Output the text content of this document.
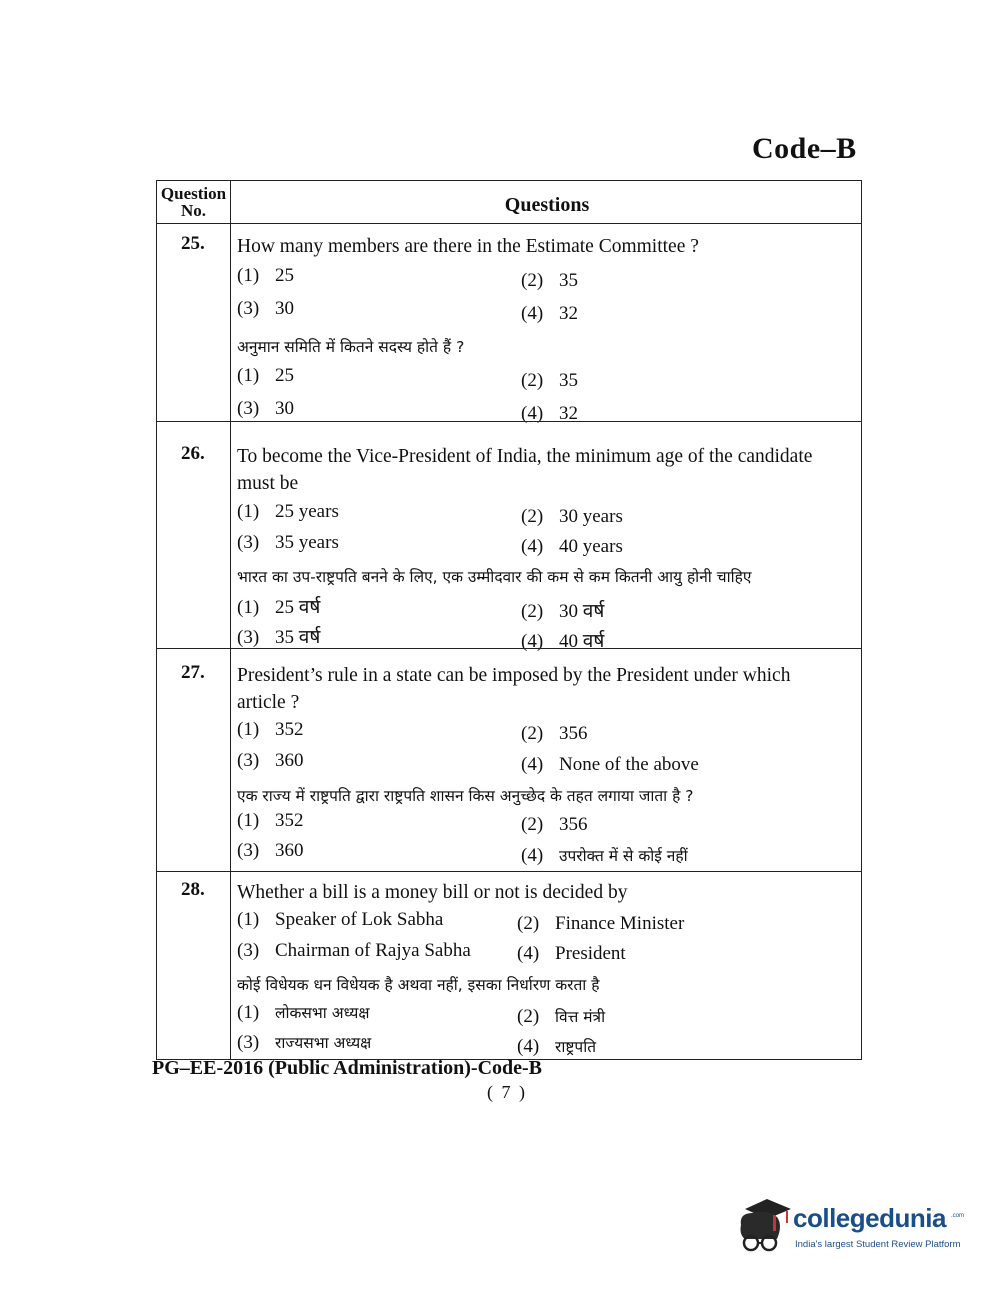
Code–B
Question
No.	Questions
25. How many members are there in the Estimate Committee ?
(1) 25	(2) 35
(3) 30	(4) 32
अनुमान समिति में कितने सदस्य होते हैं ?
(1) 25	(2) 35
(3) 30	(4) 32
26. To become the Vice-President of India, the minimum age of the candidate
must be
(1) 25 years	(2) 30 years
(3) 35 years	(4) 40 years
भारत का उप-राष्ट्रपति बनने के लिए, एक उम्मीदवार की कम से कम कितनी आयु होनी चाहिए
(1) 25 वर्ष	(2) 30 वर्ष
(3) 35 वर्ष	(4) 40 वर्ष
27. President’s rule in a state can be imposed by the President under which
article ?
(1) 352	(2) 356
(3) 360	(4) None of the above
एक राज्य में राष्ट्रपति द्वारा राष्ट्रपति शासन किस अनुच्छेद के तहत लगाया जाता है ?
(1) 352	(2) 356
(3) 360	(4) उपरोक्त में से कोई नहीं
28. Whether a bill is a money bill or not is decided by
(1) Speaker of Lok Sabha	(2) Finance Minister
(3) Chairman of Rajya Sabha (4) President
कोई विधेयक धन विधेयक है अथवा नहीं, इसका निर्धारण करता है
(1) लोकसभा अध्यक्ष	(2) वित्त मंत्री
(3) राज्यसभा अध्यक्ष	(4) राष्ट्रपति
PG–EE-2016 (Public Administration)-Code-B
( 7 )
collegedunia .com
India's largest Student Review Platform
